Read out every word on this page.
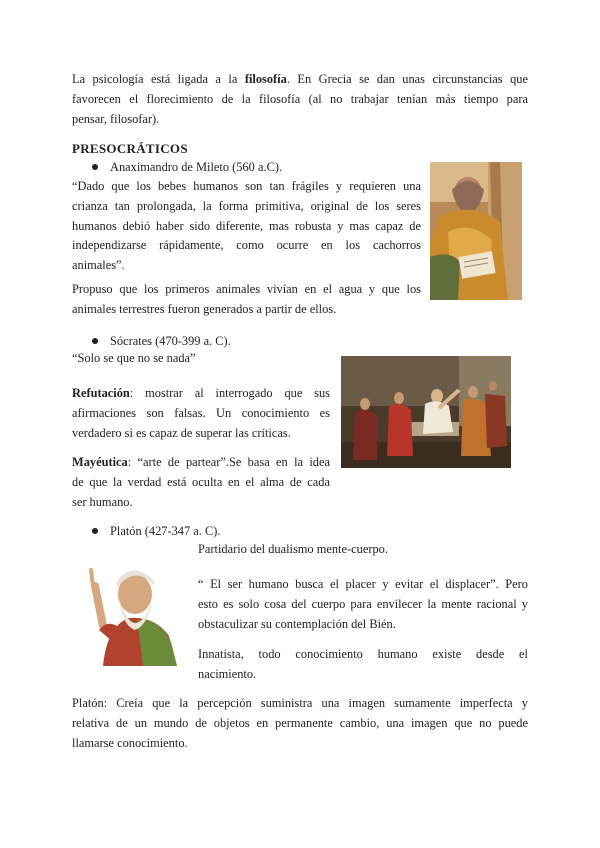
La psicología está ligada a la filosofía. En Grecia se dan unas circunstancias que
favorecen el florecimiento de la filosofía (al no trabajar tenían más tiempo para
pensar, filosofar).
PRESOCRÁTICOS
Anaximandro de Mileto (560 a.C).
“Dado que los bebes humanos son tan frágiles y requieren una
crianza tan prolongada, la forma primitiva, original de los seres
humanos debió haber sido diferente, mas robusta y mas capaz de
independizarse rápidamente, como ocurre en los cachorros
animales”.
Propuso que los primeros animales vivían en el agua y que los
animales terrestres fueron generados a partir de ellos.
Sócrates (470-399 a. C).
“Solo se que no se nada”
Refutación: mostrar al interrogado que sus
afirmaciones son falsas. Un conocimiento es
verdadero si es capaz de superar las críticas.
Mayéutica: “arte de partear”.Se basa en la idea
de que la verdad está oculta en el alma de cada
ser humano.
Platón (427-347 a. C).
Partidario del dualismo mente-cuerpo.
“ El ser humano busca el placer y evitar el displacer”. Pero
esto es solo cosa del cuerpo para envilecer la mente racional y
obstaculizar su contemplación del Bién.
Innatista, todo conocimiento humano existe desde el
nacimiento.
Platón: Creía que la percepción suministra una imagen sumamente imperfecta y
relativa de un mundo de objetos en permanente cambio, una imagen que no puede
llamarse conocimiento.
